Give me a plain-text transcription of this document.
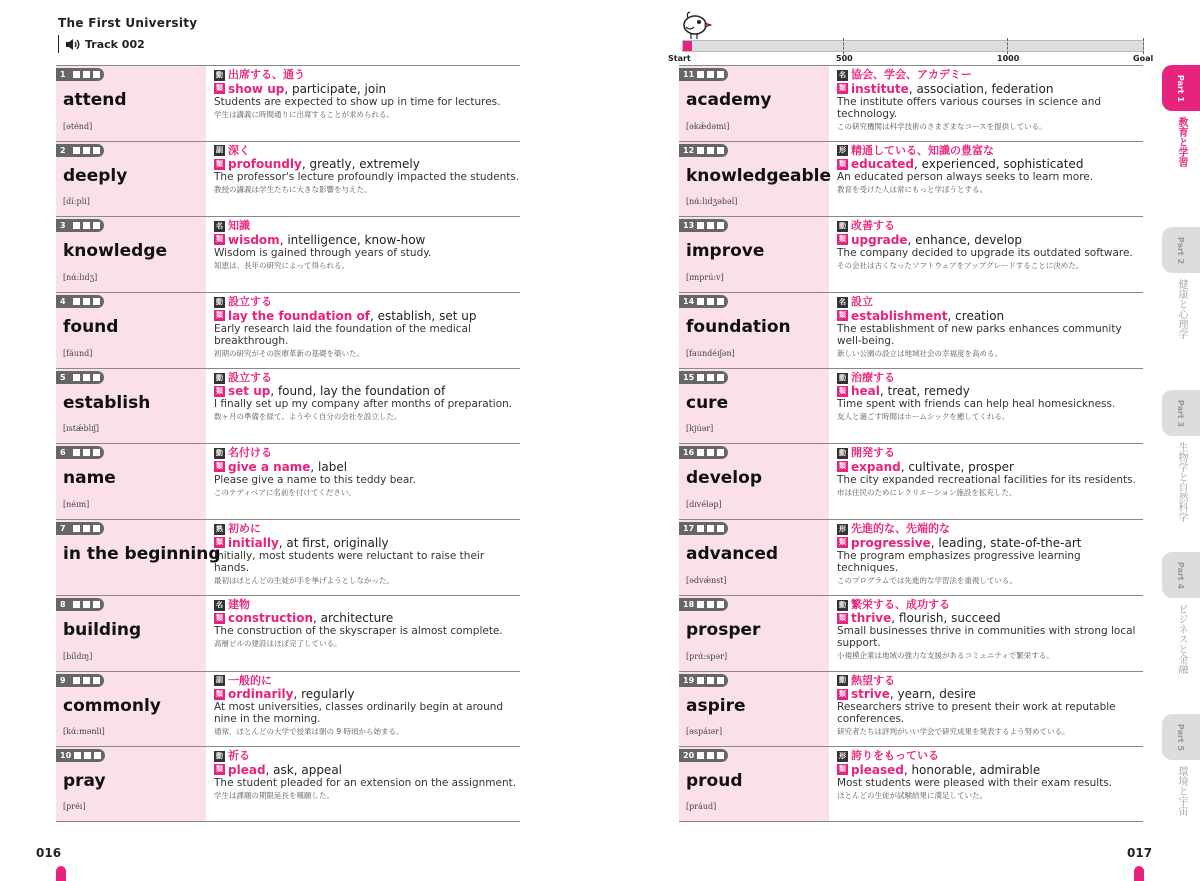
The First University
Track 002
Start	500	1000	Goal
1
attend
[əténd]
動 出席する、通う
類 show up, participate, join
Students are expected to show up in time for lectures.
学生は講義に時間通りに出席することが求められる。
2
deeply
[dí:pli]
副 深く
類 profoundly, greatly, extremely
The professor's lecture profoundly impacted the students.
教授の講義は学生たちに大きな影響を与えた。
3
knowledge
[nά:lɪdʒ]
名 知識
類 wisdom, intelligence, know-how
Wisdom is gained through years of study.
知恵は、長年の研究によって得られる。
4
found
[fáund]
動 設立する
類 lay the foundation of, establish, set up
Early research laid the foundation of the medical breakthrough.
初期の研究がその医療革新の基礎を築いた。
5
establish
[ɪstǽblɪʃ]
動 設立する
類 set up, found, lay the foundation of
I finally set up my company after months of preparation.
数ヶ月の準備を経て、ようやく自分の会社を設立した。
6
name
[néɪm]
動 名付ける
類 give a name, label
Please give a name to this teddy bear.
このテディベアに名前を付けてください。
7
in the beginning
熟 初めに
類 initially, at first, originally
Initially, most students were reluctant to raise their hands.
最初はほとんどの生徒が手を挙げようとしなかった。
8
building
[bíldɪŋ]
名 建物
類 construction, architecture
The construction of the skyscraper is almost complete.
高層ビルの建設はほぼ完了している。
9
commonly
[kά:mənli]
副 一般的に
類 ordinarily, regularly
At most universities, classes ordinarily begin at around nine in the morning.
通常、ほとんどの大学で授業は朝の 9 時頃から始まる。
10
pray
[préɪ]
動 祈る
類 plead, ask, appeal
The student pleaded for an extension on the assignment.
学生は課題の期限延長を嘆願した。
11
academy
[əkǽdəmi]
名 協会、学会、アカデミー
類 institute, association, federation
The institute offers various courses in science and technology.
この研究機関は科学技術のさまざまなコースを提供している。
12
knowledgeable
[nά:lɪdʒəbəl]
形 精通している、知識の豊富な
類 educated, experienced, sophisticated
An educated person always seeks to learn more.
教育を受けた人は常にもっと学ぼうとする。
13
improve
[ɪmprú:v]
動 改善する
類 upgrade, enhance, develop
The company decided to upgrade its outdated software.
その会社は古くなったソフトウェアをアップグレードすることに決めた。
14
foundation
[faundéɪʃən]
名 設立
類 establishment, creation
The establishment of new parks enhances community well-being.
新しい公園の設立は地域社会の幸福度を高める。
15
cure
[kjúər]
動 治療する
類 heal, treat, remedy
Time spent with friends can help heal homesickness.
友人と過ごす時間はホームシックを癒してくれる。
16
develop
[dɪvéləp]
動 開発する
類 expand, cultivate, prosper
The city expanded recreational facilities for its residents.
市は住民のためにレクリエーション施設を拡充した。
17
advanced
[ədvǽnst]
形 先進的な、先端的な
類 progressive, leading, state-of-the-art
The program emphasizes progressive learning techniques.
このプログラムでは先進的な学習法を重視している。
18
prosper
[prά:spər]
動 繁栄する、成功する
類 thrive, flourish, succeed
Small businesses thrive in communities with strong local support.
小規模企業は地域の強力な支援があるコミュニティで繁栄する。
19
aspire
[əspáɪər]
動 熱望する
類 strive, yearn, desire
Researchers strive to present their work at reputable conferences.
研究者たちは評判がいい学会で研究成果を発表するよう努めている。
20
proud
[práud]
形 誇りをもっている
類 pleased, honorable, admirable
Most students were pleased with their exam results.
ほとんどの生徒が試験結果に満足していた。
016	017
Part 1
教育と学習
Part 2
健康と心理学
Part 3
生物学と自然科学
Part 4
ビジネスと金融
Part 5
環境と宇宙
